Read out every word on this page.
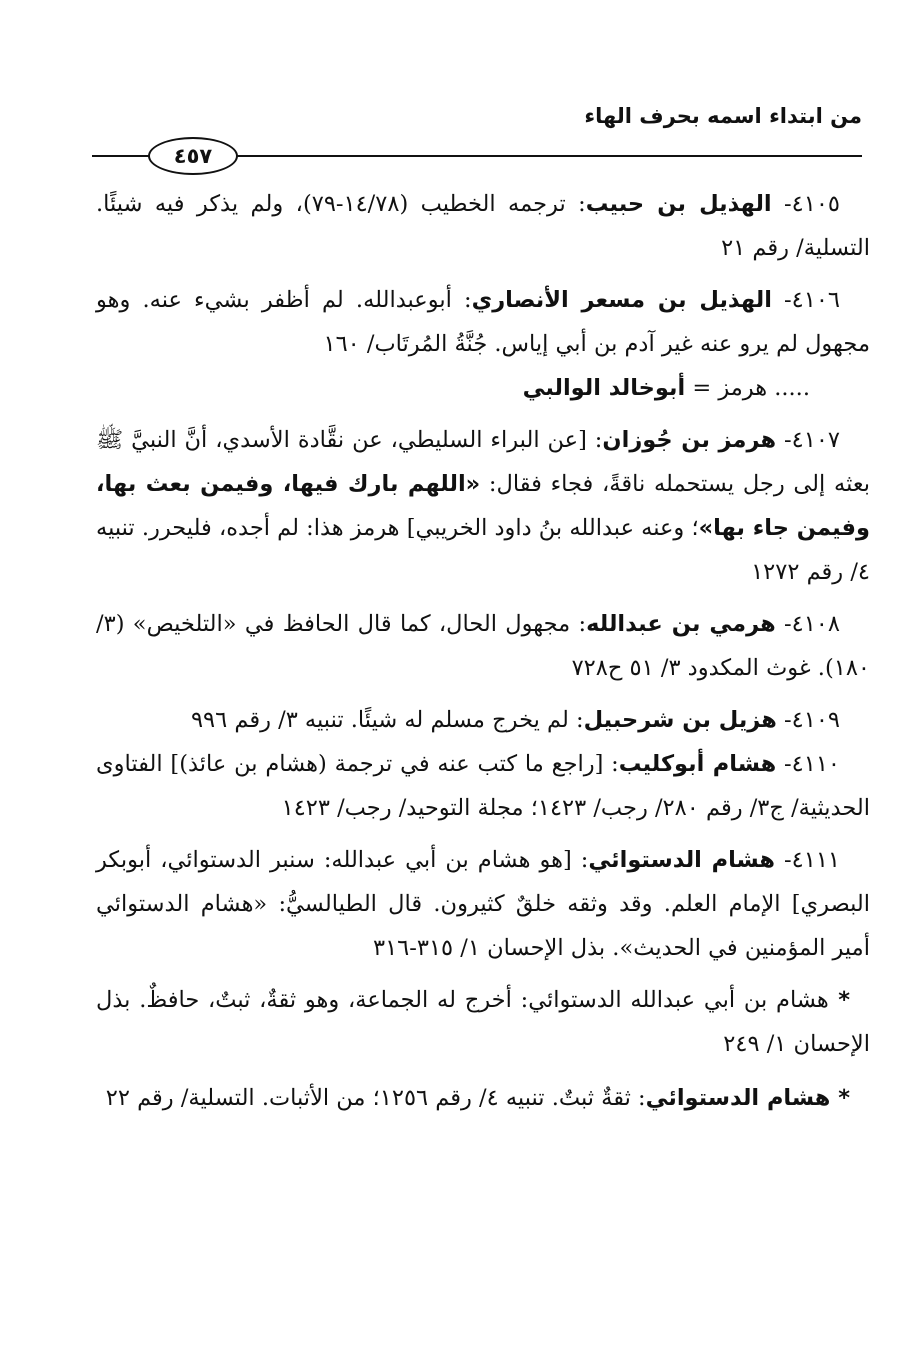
من ابتداء اسمه بحرف الهاء
٤٥٧

٤١٠٥- الهذيل بن حبيب: ترجمه الخطيب (١٤/٧٨-٧٩)، ولم يذكر فيه شيئًا. التسلية/ رقم ٢١

٤١٠٦- الهذيل بن مسعر الأنصاري: أبوعبدالله. لم أظفر بشيء عنه. وهو مجهول لم يرو عنه غير آدم بن أبي إياس. جُنَّةُ المُرتَاب/ ١٦٠

..... هرمز = أبوخالد الوالبي

٤١٠٧- هرمز بن جُوزان: [عن البراء السليطي، عن نقَّادة الأسدي، أنَّ النبيَّ ﷺ بعثه إلى رجل يستحمله ناقةً، فجاء فقال: «اللهم بارك فيها، وفيمن بعث بها، وفيمن جاء بها»؛ وعنه عبدالله بنُ داود الخريبي] هرمز هذا: لم أجده، فليحرر. تنبيه ٤/ رقم ١٢٧٢

٤١٠٨- هرمي بن عبدالله: مجهول الحال، كما قال الحافظ في «التلخيص» (٣/ ١٨٠). غوث المكدود ٣/ ٥١ ح٧٢٨

٤١٠٩- هزيل بن شرحبيل: لم يخرج مسلم له شيئًا. تنبيه ٣/ رقم ٩٩٦

٤١١٠- هشام أبوكليب: [راجع ما كتب عنه في ترجمة (هشام بن عائذ)] الفتاوى الحديثية/ ج٣/ رقم ٢٨٠/ رجب/ ١٤٢٣؛ مجلة التوحيد/ رجب/ ١٤٢٣

٤١١١- هشام الدستوائي: [هو هشام بن أبي عبدالله: سنبر الدستوائي، أبوبكر البصري] الإمام العلم. وقد وثقه خلقٌ كثيرون. قال الطيالسيُّ: «هشام الدستوائي أمير المؤمنين في الحديث». بذل الإحسان ١/ ٣١٥-٣١٦

* هشام بن أبي عبدالله الدستوائي: أخرج له الجماعة، وهو ثقةٌ، ثبتٌ، حافظٌ. بذل الإحسان ١/ ٢٤٩

* هشام الدستوائي: ثقةٌ ثبتٌ. تنبيه ٤/ رقم ١٢٥٦؛ من الأثبات. التسلية/ رقم ٢٢
